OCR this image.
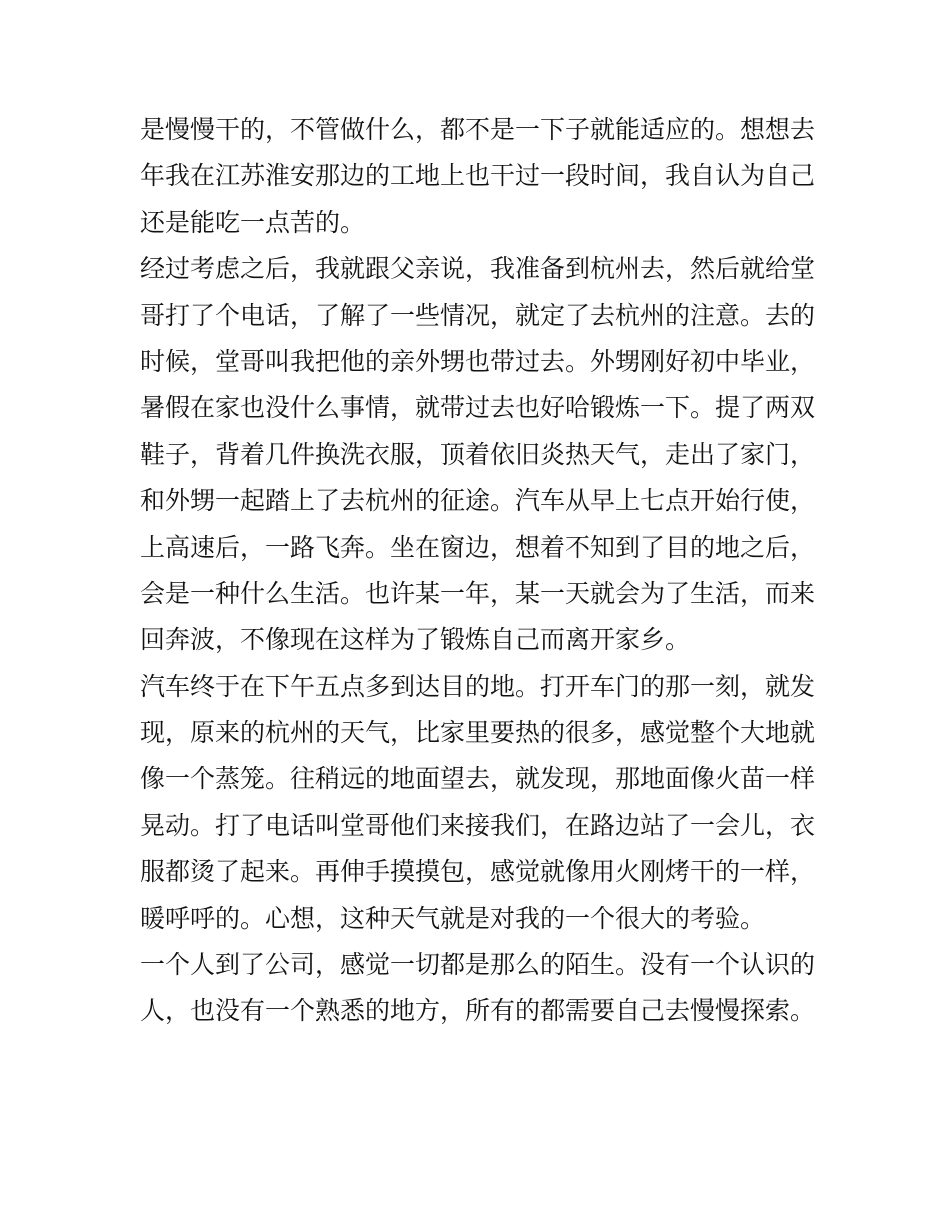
是慢慢干的，不管做什么，都不是一下子就能适应的。想想去
年我在江苏淮安那边的工地上也干过一段时间，我自认为自己
还是能吃一点苦的。
经过考虑之后，我就跟父亲说，我准备到杭州去，然后就给堂
哥打了个电话，了解了一些情况，就定了去杭州的注意。去的
时候，堂哥叫我把他的亲外甥也带过去。外甥刚好初中毕业，
暑假在家也没什么事情，就带过去也好哈锻炼一下。提了两双
鞋子，背着几件换洗衣服，顶着依旧炎热天气，走出了家门，
和外甥一起踏上了去杭州的征途。汽车从早上七点开始行使，
上高速后，一路飞奔。坐在窗边，想着不知到了目的地之后，
会是一种什么生活。也许某一年，某一天就会为了生活，而来
回奔波，不像现在这样为了锻炼自己而离开家乡。
汽车终于在下午五点多到达目的地。打开车门的那一刻，就发
现，原来的杭州的天气，比家里要热的很多，感觉整个大地就
像一个蒸笼。往稍远的地面望去，就发现，那地面像火苗一样
晃动。打了电话叫堂哥他们来接我们，在路边站了一会儿，衣
服都烫了起来。再伸手摸摸包，感觉就像用火刚烤干的一样，
暖呼呼的。心想，这种天气就是对我的一个很大的考验。
一个人到了公司，感觉一切都是那么的陌生。没有一个认识的
人，也没有一个熟悉的地方，所有的都需要自己去慢慢探索。
